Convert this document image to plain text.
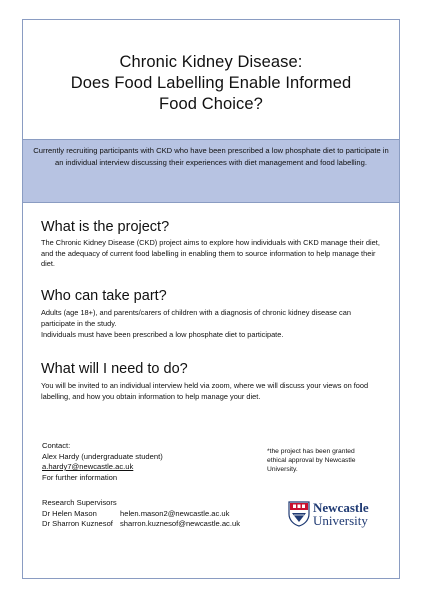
Chronic Kidney Disease:
Does Food Labelling Enable Informed
Food Choice?
Currently recruiting participants with CKD who have been prescribed a low phosphate diet to participate in an individual interview discussing their experiences with diet management and food labelling.
What is the project?
The Chronic Kidney Disease (CKD) project aims to explore how individuals with CKD manage their diet, and the adequacy of current food labelling in enabling them to source information to help manage their diet.
Who can take part?
Adults (age 18+), and parents/carers of children with a diagnosis of chronic kidney disease can participate in the study.
Individuals must have been prescribed a low phosphate diet to participate.
What will I need to do?
You will be invited to an individual interview held via zoom, where we will discuss your views on food labelling, and how you obtain information to help manage your diet.
Contact:
Alex Hardy (undergraduate student)
a.hardy7@newcastle.ac.uk
For further information
*the project has been granted ethical approval by Newcastle University.
Research Supervisors
Dr Helen Mason	helen.mason2@newcastle.ac.uk
Dr Sharron Kuznesof sharron.kuznesof@newcastle.ac.uk
Newcastle
University
